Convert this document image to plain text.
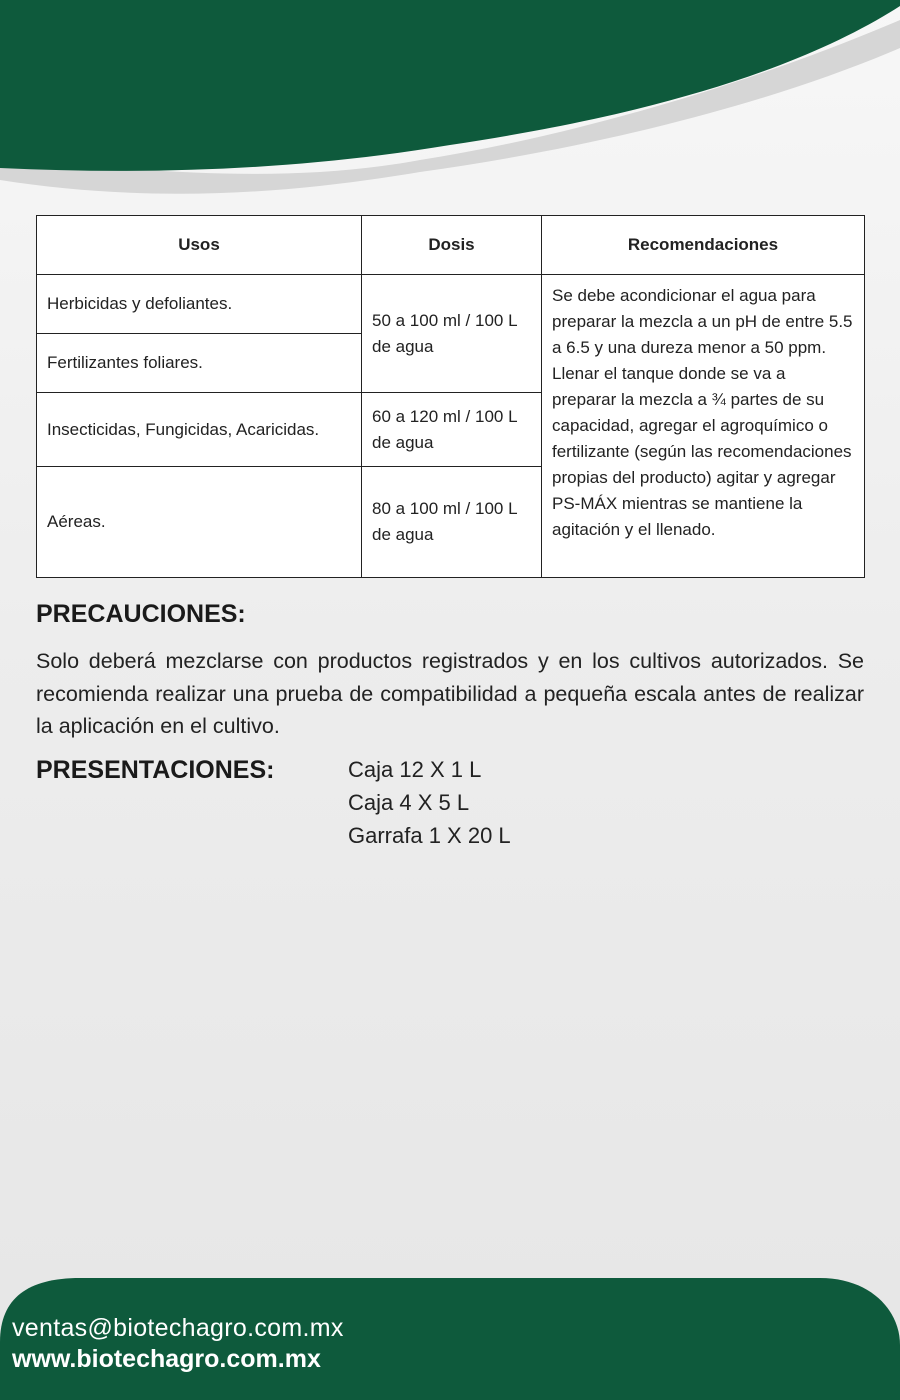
Usos	Dosis	Recomendaciones
Herbicidas y defoliantes.	50 a 100 ml / 100 L de agua	Se debe acondicionar el agua para preparar la mezcla a un pH de entre 5.5 a 6.5 y una dureza menor a 50 ppm. Llenar el tanque donde se va a preparar la mezcla a ¾ partes de su capacidad, agregar el agroquímico o fertilizante (según las recomendaciones propias del producto) agitar y agregar PS-MÁX mientras se mantiene la agitación y el llenado.
Fertilizantes foliares.		
Insecticidas, Fungicidas, Acaricidas.	60 a 120 ml / 100 L de agua	
Aéreas.	80 a 100 ml / 100 L de agua	
PRECAUCIONES:

Solo deberá mezclarse con productos registrados y en los cultivos autorizados. Se recomienda realizar una prueba de compatibilidad a pequeña escala antes de realizar la aplicación en el cultivo.

PRESENTACIONES:	Caja 12 X 1 L
Caja 4 X 5 L
Garrafa 1 X 20 L
ventas@biotechagro.com.mx
www.biotechagro.com.mx
